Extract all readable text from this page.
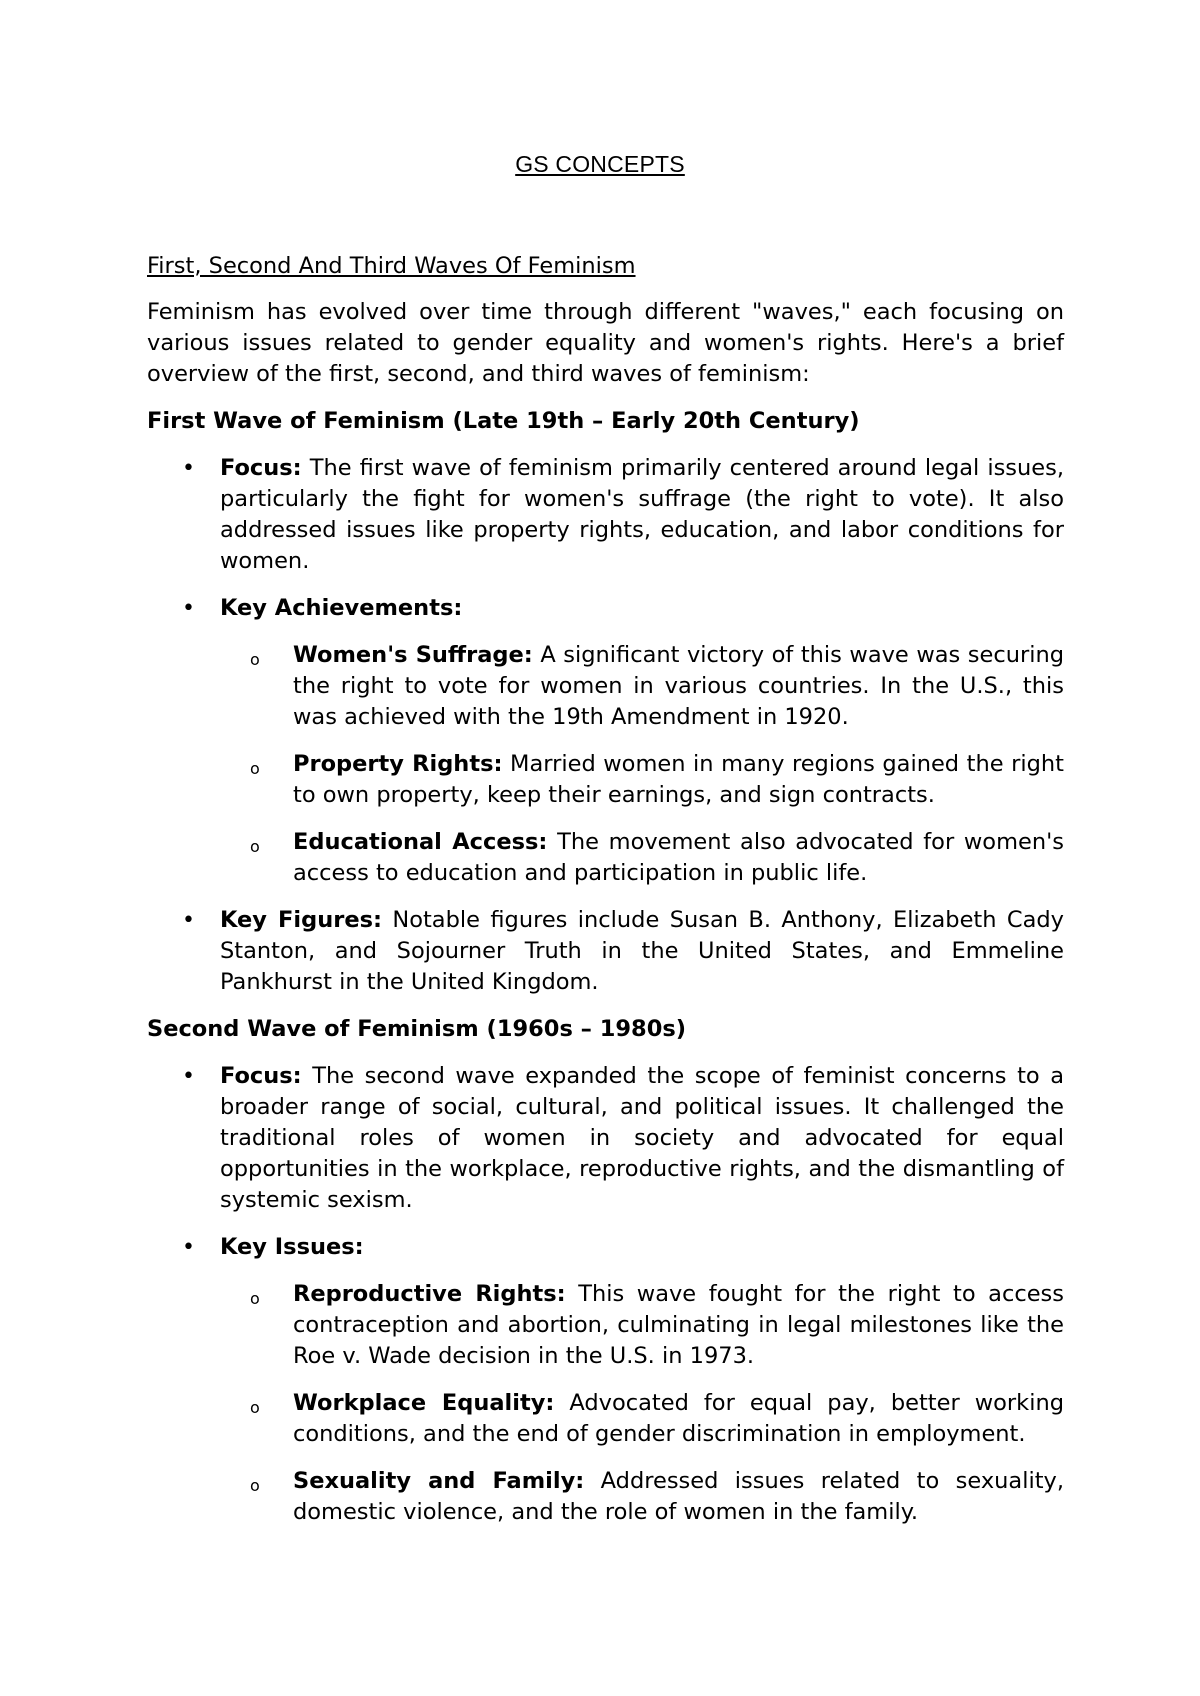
GS CONCEPTS
First, Second And Third Waves Of Feminism

Feminism has evolved over time through different "waves," each focusing on various issues related to gender equality and women's rights. Here's a brief overview of the first, second, and third waves of feminism:

First Wave of Feminism (Late 19th – Early 20th Century)
• Focus: The first wave of feminism primarily centered around legal issues, particularly the fight for women's suffrage (the right to vote). It also addressed issues like property rights, education, and labor conditions for women.
• Key Achievements:
o Women's Suffrage: A significant victory of this wave was securing the right to vote for women in various countries. In the U.S., this was achieved with the 19th Amendment in 1920.
o Property Rights: Married women in many regions gained the right to own property, keep their earnings, and sign contracts.
o Educational Access: The movement also advocated for women's access to education and participation in public life.
• Key Figures: Notable figures include Susan B. Anthony, Elizabeth Cady Stanton, and Sojourner Truth in the United States, and Emmeline Pankhurst in the United Kingdom.
Second Wave of Feminism (1960s – 1980s)
• Focus: The second wave expanded the scope of feminist concerns to a broader range of social, cultural, and political issues. It challenged the traditional roles of women in society and advocated for equal opportunities in the workplace, reproductive rights, and the dismantling of systemic sexism.
• Key Issues:
o Reproductive Rights: This wave fought for the right to access contraception and abortion, culminating in legal milestones like the Roe v. Wade decision in the U.S. in 1973.
o Workplace Equality: Advocated for equal pay, better working conditions, and the end of gender discrimination in employment.
o Sexuality and Family: Addressed issues related to sexuality, domestic violence, and the role of women in the family.
